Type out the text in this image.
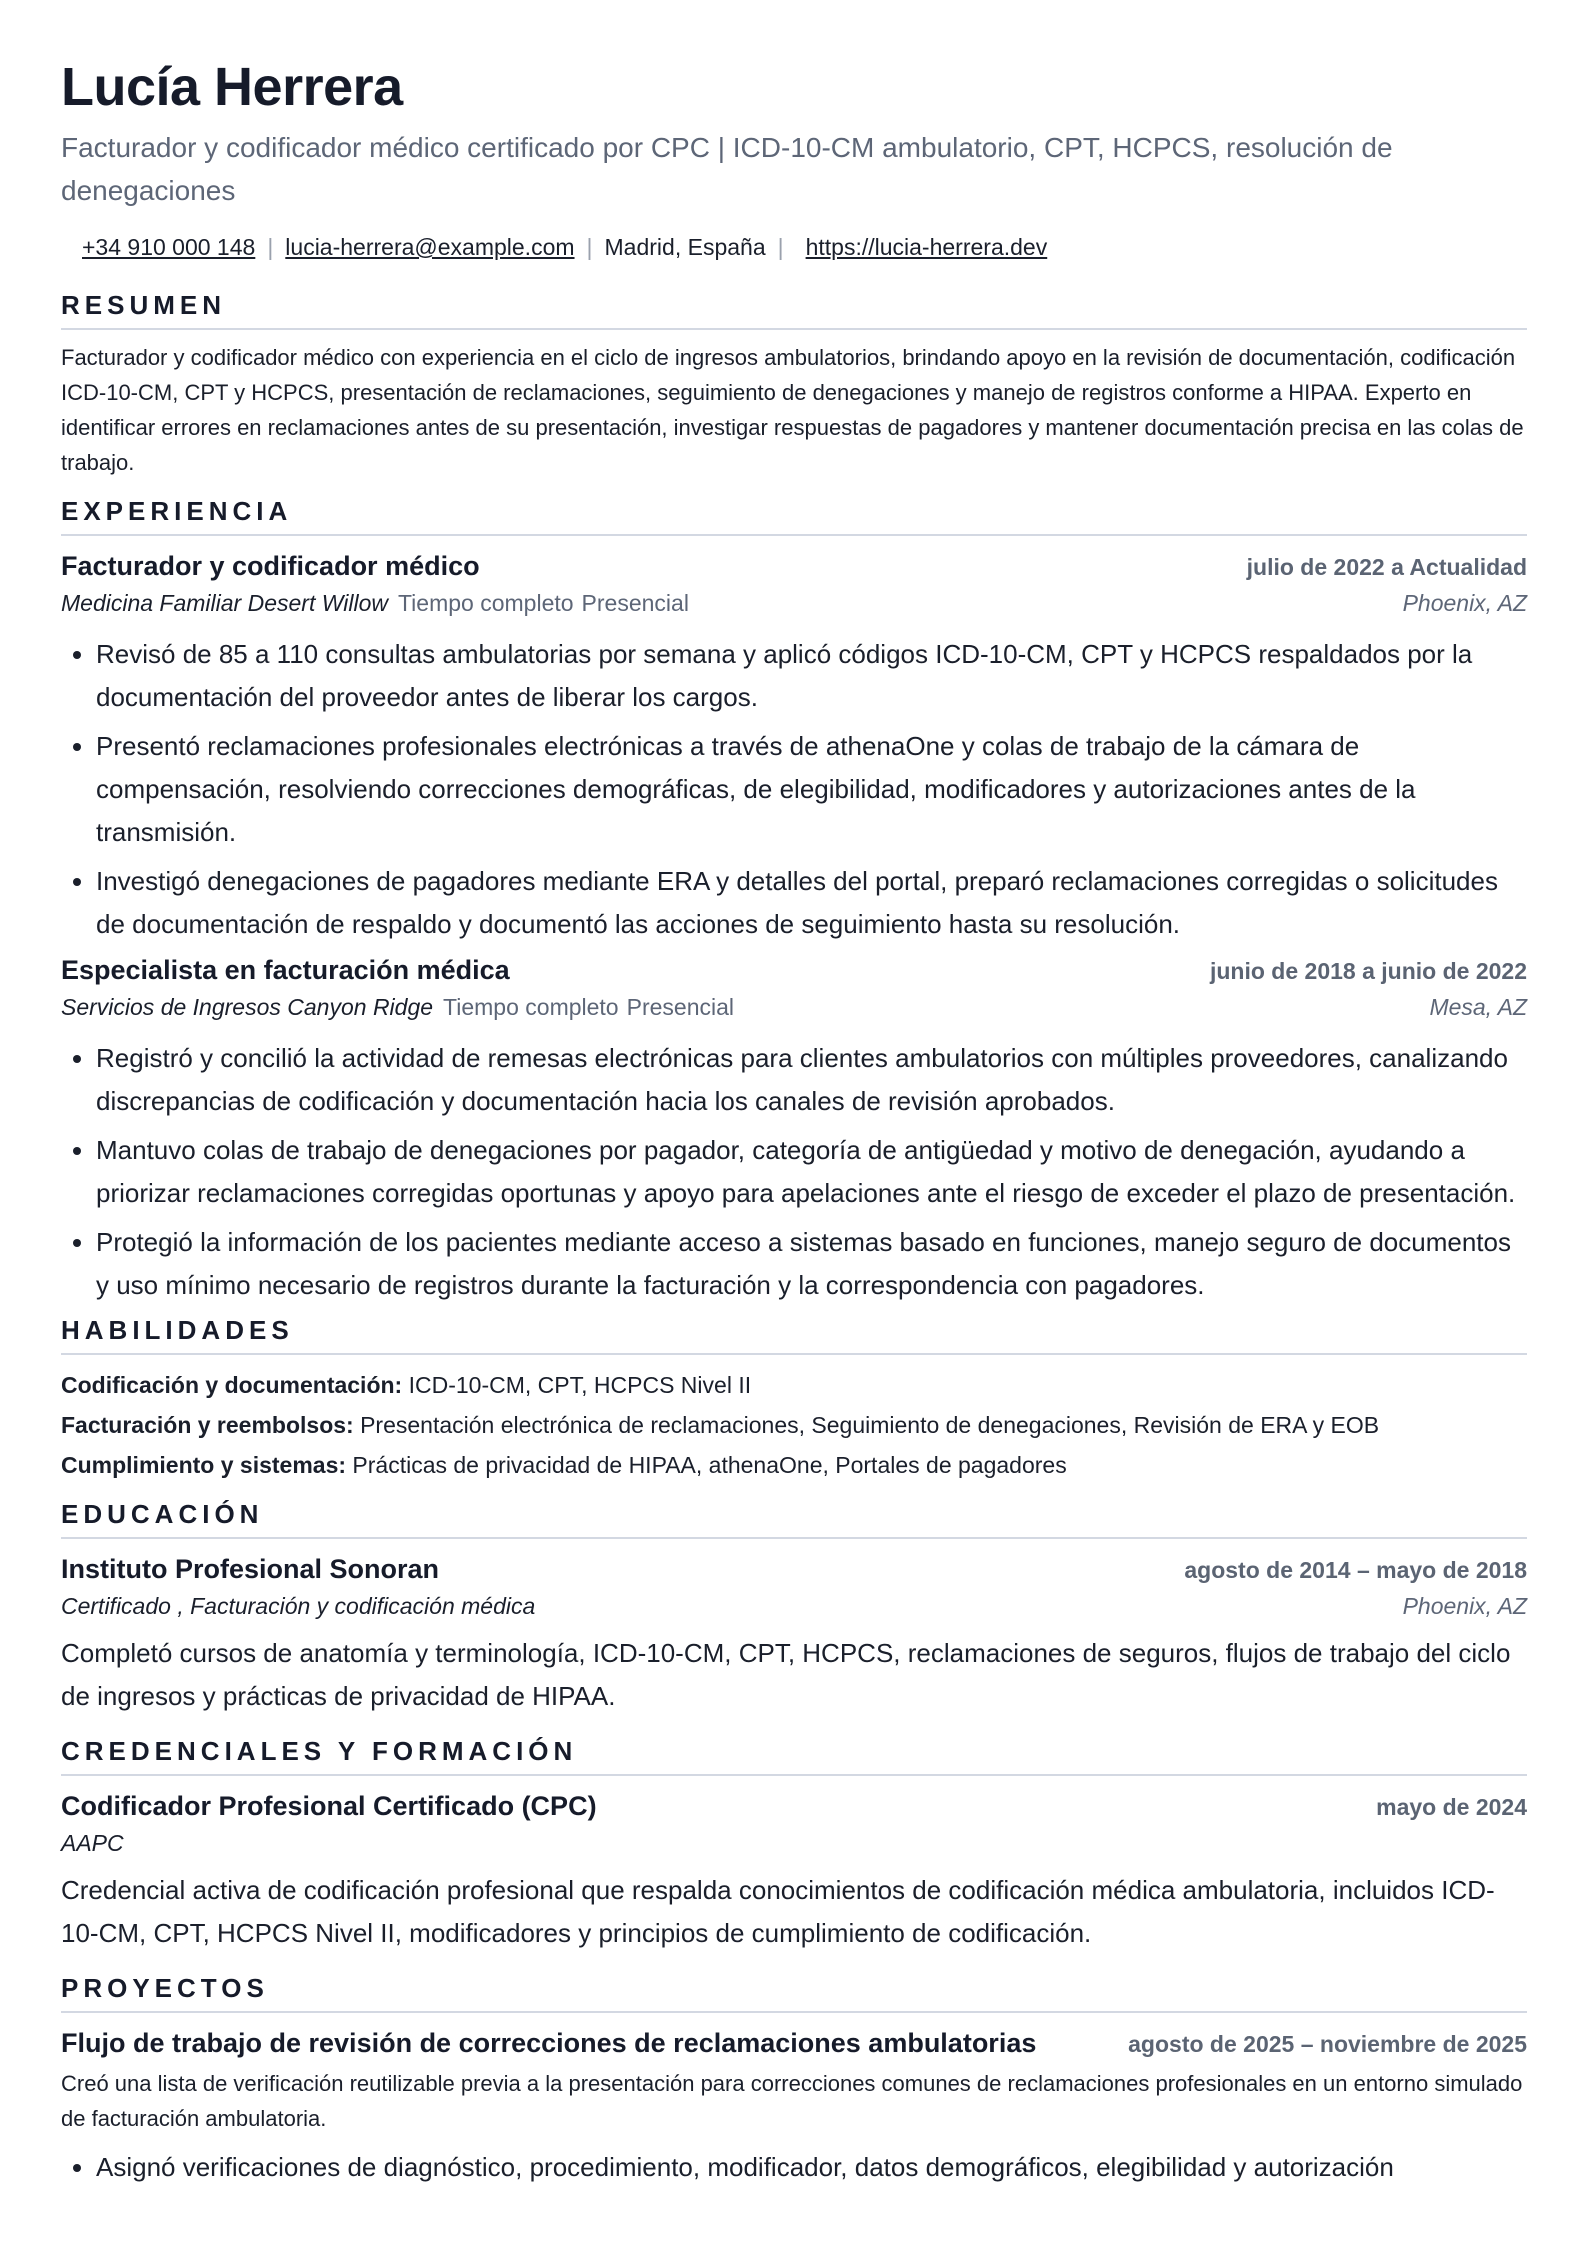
Lucía Herrera
Facturador y codificador médico certificado por CPC | ICD-10-CM ambulatorio, CPT, HCPCS, resolución de denegaciones
+34 910 000 148 | lucia-herrera@example.com | Madrid, España | https://lucia-herrera.dev
RESUMEN
Facturador y codificador médico con experiencia en el ciclo de ingresos ambulatorios, brindando apoyo en la revisión de documentación, codificación ICD-10-CM, CPT y HCPCS, presentación de reclamaciones, seguimiento de denegaciones y manejo de registros conforme a HIPAA. Experto en identificar errores en reclamaciones antes de su presentación, investigar respuestas de pagadores y mantener documentación precisa en las colas de trabajo.
EXPERIENCIA
Facturador y codificador médico	julio de 2022 a Actualidad
Medicina Familiar Desert Willow Tiempo completo Presencial	Phoenix, AZ
• Revisó de 85 a 110 consultas ambulatorias por semana y aplicó códigos ICD-10-CM, CPT y HCPCS respaldados por la documentación del proveedor antes de liberar los cargos.
• Presentó reclamaciones profesionales electrónicas a través de athenaOne y colas de trabajo de la cámara de compensación, resolviendo correcciones demográficas, de elegibilidad, modificadores y autorizaciones antes de la transmisión.
• Investigó denegaciones de pagadores mediante ERA y detalles del portal, preparó reclamaciones corregidas o solicitudes de documentación de respaldo y documentó las acciones de seguimiento hasta su resolución.
Especialista en facturación médica	junio de 2018 a junio de 2022
Servicios de Ingresos Canyon Ridge Tiempo completo Presencial	Mesa, AZ
• Registró y concilió la actividad de remesas electrónicas para clientes ambulatorios con múltiples proveedores, canalizando discrepancias de codificación y documentación hacia los canales de revisión aprobados.
• Mantuvo colas de trabajo de denegaciones por pagador, categoría de antigüedad y motivo de denegación, ayudando a priorizar reclamaciones corregidas oportunas y apoyo para apelaciones ante el riesgo de exceder el plazo de presentación.
• Protegió la información de los pacientes mediante acceso a sistemas basado en funciones, manejo seguro de documentos y uso mínimo necesario de registros durante la facturación y la correspondencia con pagadores.
HABILIDADES
Codificación y documentación: ICD-10-CM, CPT, HCPCS Nivel II
Facturación y reembolsos: Presentación electrónica de reclamaciones, Seguimiento de denegaciones, Revisión de ERA y EOB
Cumplimiento y sistemas: Prácticas de privacidad de HIPAA, athenaOne, Portales de pagadores
EDUCACIÓN
Instituto Profesional Sonoran	agosto de 2014 – mayo de 2018
Certificado , Facturación y codificación médica	Phoenix, AZ
Completó cursos de anatomía y terminología, ICD-10-CM, CPT, HCPCS, reclamaciones de seguros, flujos de trabajo del ciclo de ingresos y prácticas de privacidad de HIPAA.
CREDENCIALES Y FORMACIÓN
Codificador Profesional Certificado (CPC)	mayo de 2024
AAPC
Credencial activa de codificación profesional que respalda conocimientos de codificación médica ambulatoria, incluidos ICD-10-CM, CPT, HCPCS Nivel II, modificadores y principios de cumplimiento de codificación.
PROYECTOS
Flujo de trabajo de revisión de correcciones de reclamaciones ambulatorias	agosto de 2025 – noviembre de 2025
Creó una lista de verificación reutilizable previa a la presentación para correcciones comunes de reclamaciones profesionales en un entorno simulado de facturación ambulatoria.
• Asignó verificaciones de diagnóstico, procedimiento, modificador, datos demográficos, elegibilidad y autorización
